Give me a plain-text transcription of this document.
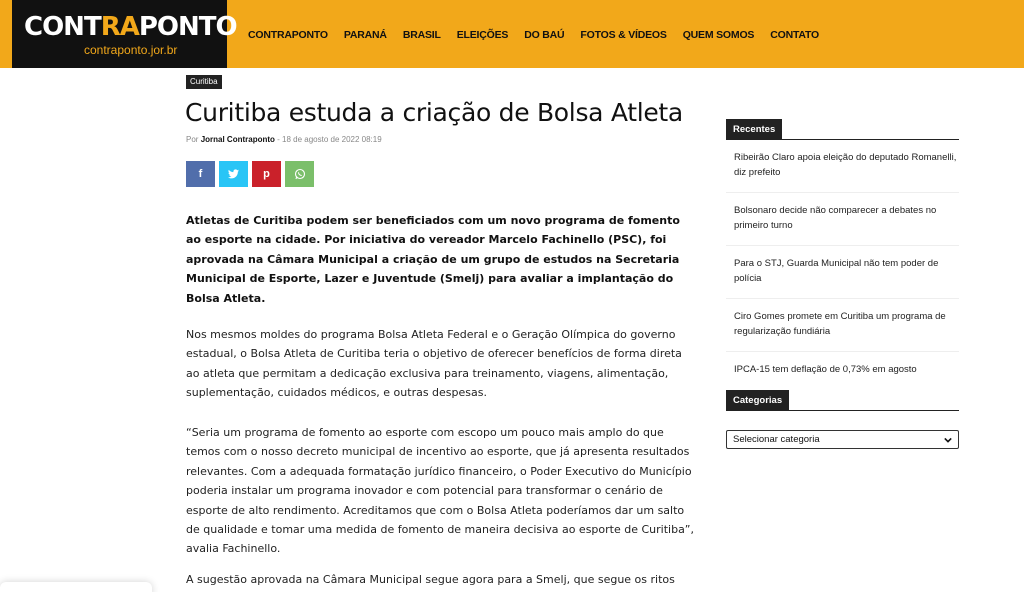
CONTRAPONTO
contraponto.jor.br
CONTRAPONTO PARANÁ BRASIL ELEIÇÕES DO BAÚ FOTOS & VÍDEOS QUEM SOMOS CONTATO
Curitiba
Curitiba estuda a criação de Bolsa Atleta
Por Jornal Contraponto - 18 de agosto de 2022 08:19
f	p

Atletas de Curitiba podem ser beneficiados com um novo programa de fomento ao esporte na cidade. Por iniciativa do vereador Marcelo Fachinello (PSC), foi aprovada na Câmara Municipal a criação de um grupo de estudos na Secretaria Municipal de Esporte, Lazer e Juventude (Smelj) para avaliar a implantação do Bolsa Atleta.

Nos mesmos moldes do programa Bolsa Atleta Federal e o Geração Olímpica do governo estadual, o Bolsa Atleta de Curitiba teria o objetivo de oferecer benefícios de forma direta ao atleta que permitam a dedicação exclusiva para treinamento, viagens, alimentação, suplementação, cuidados médicos, e outras despesas.

“Seria um programa de fomento ao esporte com escopo um pouco mais amplo do que temos com o nosso decreto municipal de incentivo ao esporte, que já apresenta resultados relevantes. Com a adequada formatação jurídico financeiro, o Poder Executivo do Município poderia instalar um programa inovador e com potencial para transformar o cenário de esporte de alto rendimento. Acreditamos que com o Bolsa Atleta poderíamos dar um salto de qualidade e tomar uma medida de fomento de maneira decisiva ao esporte de Curitiba”, avalia Fachinello.

A sugestão aprovada na Câmara Municipal segue agora para a Smelj, que segue os ritos

Recentes
Ribeirão Claro apoia eleição do deputado Romanelli, diz prefeito
Bolsonaro decide não comparecer a debates no primeiro turno
Para o STJ, Guarda Municipal não tem poder de polícia
Ciro Gomes promete em Curitiba um programa de regularização fundiária
IPCA-15 tem deflação de 0,73% em agosto
Categorias
Selecionar categoria
